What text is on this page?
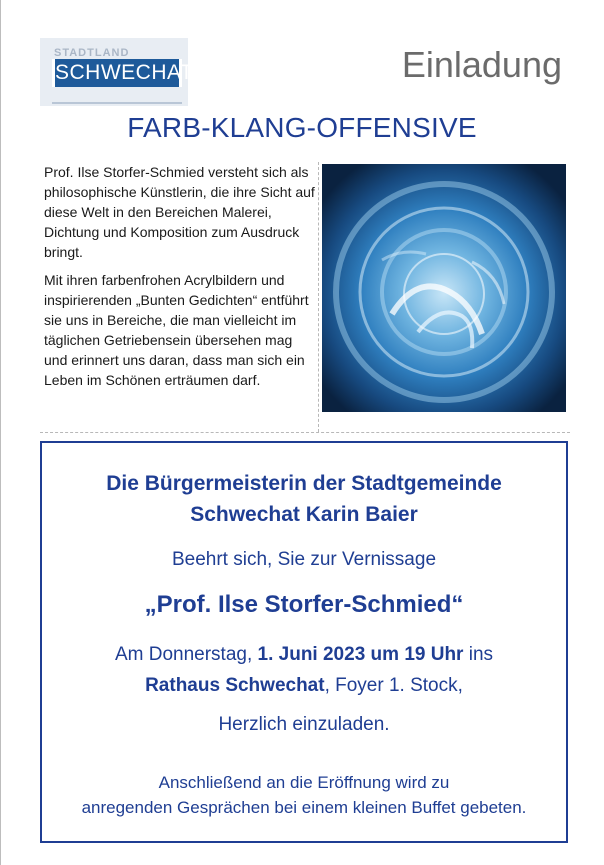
STADTLAND
SCHWECHAT	Einladung
FARB-KLANG-OFFENSIVE

Prof. Ilse Storfer-Schmied versteht sich als philosophische Künstlerin, die ihre Sicht auf diese Welt in den Bereichen Malerei, Dichtung und Komposition zum Ausdruck bringt.

Mit ihren farbenfrohen Acrylbildern und inspirierenden „Bunten Gedichten“ entführt sie uns in Bereiche, die man vielleicht im täglichen Getriebensein übersehen mag und erinnert uns daran, dass man sich ein Leben im Schönen erträumen darf.

Die Bürgermeisterin der Stadtgemeinde
Schwechat Karin Baier
Beehrt sich, Sie zur Vernissage
„Prof. Ilse Storfer-Schmied“
Am Donnerstag, 1. Juni 2023 um 19 Uhr ins
Rathaus Schwechat, Foyer 1. Stock,
Herzlich einzuladen.
Anschließend an die Eröffnung wird zu
anregenden Gesprächen bei einem kleinen Buffet gebeten.
